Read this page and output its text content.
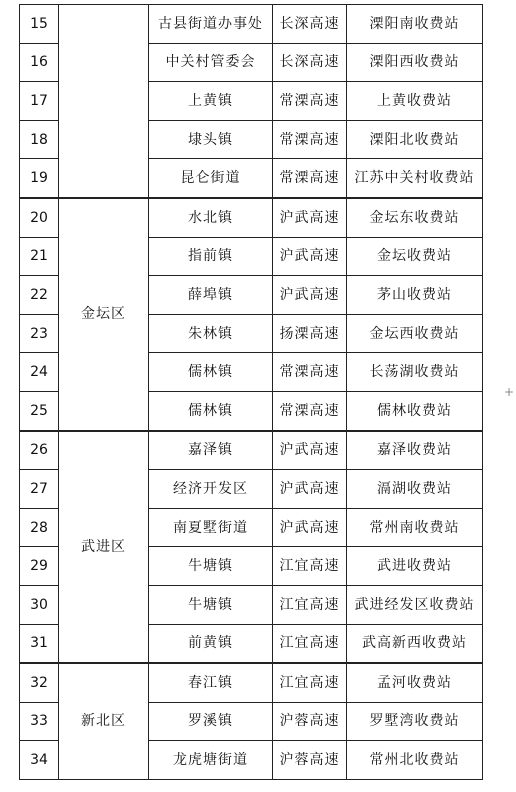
15		古县街道办事处	长深高速	溧阳南收费站
16		中关村管委会	长深高速	溧阳西收费站
17		上黄镇	常溧高速	上黄收费站
18		埭头镇	常溧高速	溧阳北收费站
19		昆仑街道	常溧高速	江苏中关村收费站
20	金坛区	水北镇	沪武高速	金坛东收费站
21		指前镇	沪武高速	金坛收费站
22		薛埠镇	沪武高速	茅山收费站
23		朱林镇	扬溧高速	金坛西收费站
24		儒林镇	常溧高速	长荡湖收费站
25		儒林镇	常溧高速	儒林收费站
26	武进区	嘉泽镇	沪武高速	嘉泽收费站
27		经济开发区	沪武高速	滆湖收费站
28		南夏墅街道	沪武高速	常州南收费站
29		牛塘镇	江宜高速	武进收费站
30		牛塘镇	江宜高速	武进经发区收费站
31		前黄镇	江宜高速	武高新西收费站
32	新北区	春江镇	江宜高速	孟河收费站
33		罗溪镇	沪蓉高速	罗墅湾收费站
34		龙虎塘街道	沪蓉高速	常州北收费站
+
